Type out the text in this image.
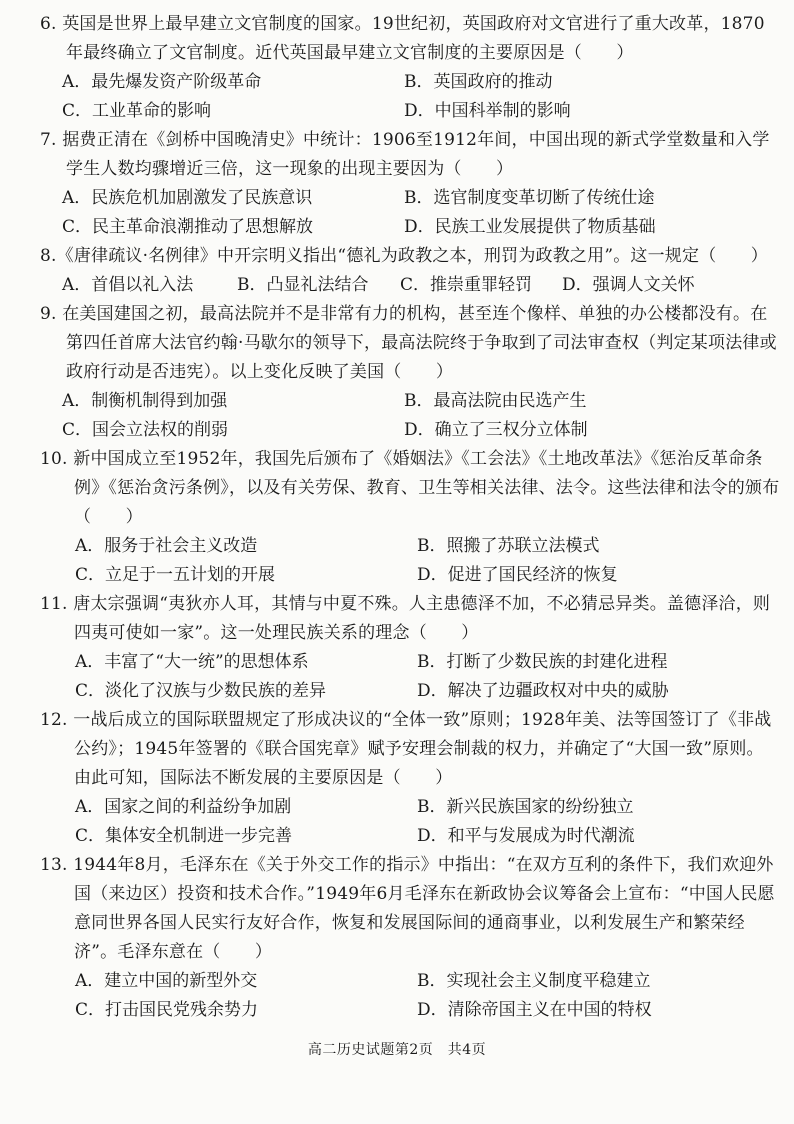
6. 英国是世界上最早建立文官制度的国家。19世纪初，英国政府对文官进行了重大改革，1870年最终确立了文官制度。近代英国最早建立文官制度的主要原因是（　　）

A．最先爆发资产阶级革命	B．英国政府的推动
C．工业革命的影响	D．中国科举制的影响

7. 据费正清在《剑桥中国晚清史》中统计：1906至1912年间，中国出现的新式学堂数量和入学学生人数均骤增近三倍，这一现象的出现主要因为（　　）

A．民族危机加剧激发了民族意识	B．选官制度变革切断了传统仕途
C．民主革命浪潮推动了思想解放	D．民族工业发展提供了物质基础

8.《唐律疏议·名例律》中开宗明义指出“德礼为政教之本，刑罚为政教之用”。这一规定（　　）

A．首倡以礼入法	B．凸显礼法结合	C．推崇重罪轻罚	D．强调人文关怀

9. 在美国建国之初，最高法院并不是非常有力的机构，甚至连个像样、单独的办公楼都没有。在第四任首席大法官约翰·马歇尔的领导下，最高法院终于争取到了司法审查权（判定某项法律或政府行动是否违宪）。以上变化反映了美国（　　）

A．制衡机制得到加强	B．最高法院由民选产生
C．国会立法权的削弱	D．确立了三权分立体制

10. 新中国成立至1952年，我国先后颁布了《婚姻法》《工会法》《土地改革法》《惩治反革命条例》《惩治贪污条例》，以及有关劳保、教育、卫生等相关法律、法令。这些法律和法令的颁布（　　）

A．服务于社会主义改造	B．照搬了苏联立法模式
C．立足于一五计划的开展	D．促进了国民经济的恢复

11. 唐太宗强调“夷狄亦人耳，其情与中夏不殊。人主患德泽不加，不必猜忌异类。盖德泽洽，则四夷可使如一家”。这一处理民族关系的理念（　　）

A．丰富了“大一统”的思想体系	B．打断了少数民族的封建化进程
C．淡化了汉族与少数民族的差异	D．解决了边疆政权对中央的威胁

12. 一战后成立的国际联盟规定了形成决议的“全体一致”原则；1928年美、法等国签订了《非战公约》；1945年签署的《联合国宪章》赋予安理会制裁的权力，并确定了“大国一致”原则。由此可知，国际法不断发展的主要原因是（　　）

A．国家之间的利益纷争加剧	B．新兴民族国家的纷纷独立
C．集体安全机制进一步完善	D．和平与发展成为时代潮流

13. 1944年8月，毛泽东在《关于外交工作的指示》中指出：“在双方互利的条件下，我们欢迎外国（来边区）投资和技术合作。”1949年6月毛泽东在新政协会议筹备会上宣布：“中国人民愿意同世界各国人民实行友好合作，恢复和发展国际间的通商事业，以利发展生产和繁荣经济”。毛泽东意在（　　）

A．建立中国的新型外交	B．实现社会主义制度平稳建立
C．打击国民党残余势力	D．清除帝国主义在中国的特权
高二历史试题第2页　共4页
